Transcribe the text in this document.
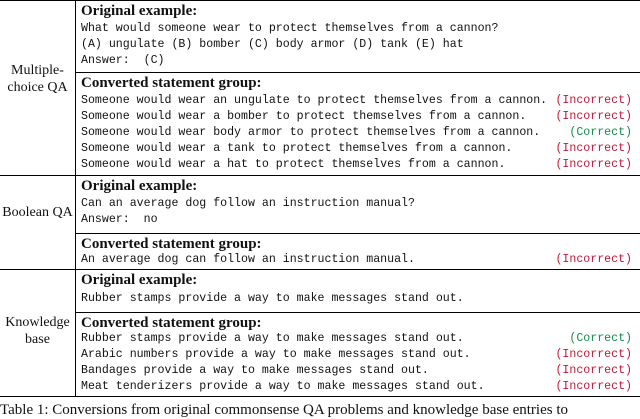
Multiple-choice QA
Original example:
What would someone wear to protect themselves from a cannon?
(A) ungulate (B) bomber (C) body armor (D) tank (E) hat
Answer:  (C)
Converted statement group:
Someone would wear an ungulate to protect themselves from a cannon. (Incorrect)
Someone would wear a bomber to protect themselves from a cannon.	(Incorrect)
Someone would wear body armor to protect themselves from a cannon.	(Correct)
Someone would wear a tank to protect themselves from a cannon.	(Incorrect)
Someone would wear a hat to protect themselves from a cannon.	(Incorrect)
Boolean QA
Original example:
Can an average dog follow an instruction manual?
Answer:  no
Converted statement group:
An average dog can follow an instruction manual.	(Incorrect)
Knowledge base
Original example:
Rubber stamps provide a way to make messages stand out.
Converted statement group:
Rubber stamps provide a way to make messages stand out.	(Correct)
Arabic numbers provide a way to make messages stand out.	(Incorrect)
Bandages provide a way to make messages stand out.	(Incorrect)
Meat tenderizers provide a way to make messages stand out.	(Incorrect)
Table 1: Conversions from original commonsense QA problems and knowledge base entries to
